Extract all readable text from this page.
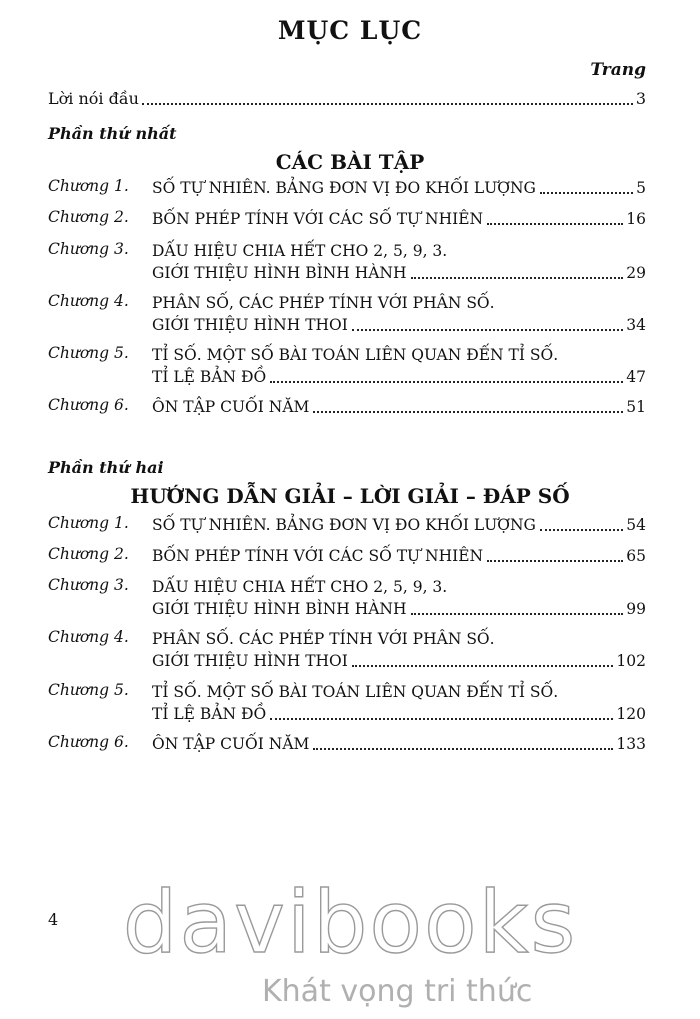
MỤC LỤC
Trang
Lời nói đầu	3
Phần thứ nhất
CÁC BÀI TẬP
Chương 1. SỐ TỰ NHIÊN. BẢNG ĐƠN VỊ ĐO KHỐI LƯỢNG	5
Chương 2. BỐN PHÉP TÍNH VỚI CÁC SỐ TỰ NHIÊN	16
Chương 3. DẤU HIỆU CHIA HẾT CHO 2, 5, 9, 3.
GIỚI THIỆU HÌNH BÌNH HÀNH	29
Chương 4. PHÂN SỐ, CÁC PHÉP TÍNH VỚI PHÂN SỐ.
GIỚI THIỆU HÌNH THOI	34
Chương 5. TỈ SỐ. MỘT SỐ BÀI TOÁN LIÊN QUAN ĐẾN TỈ SỐ.
TỈ LỆ BẢN ĐỒ	47
Chương 6. ÔN TẬP CUỐI NĂM	51
Phần thứ hai
HƯỚNG DẪN GIẢI – LỜI GIẢI – ĐÁP SỐ
Chương 1. SỐ TỰ NHIÊN. BẢNG ĐƠN VỊ ĐO KHỐI LƯỢNG	54
Chương 2. BỐN PHÉP TÍNH VỚI CÁC SỐ TỰ NHIÊN	65
Chương 3. DẤU HIỆU CHIA HẾT CHO 2, 5, 9, 3.
GIỚI THIỆU HÌNH BÌNH HÀNH	99
Chương 4. PHÂN SỐ. CÁC PHÉP TÍNH VỚI PHÂN SỐ.
GIỚI THIỆU HÌNH THOI	102
Chương 5. TỈ SỐ. MỘT SỐ BÀI TOÁN LIÊN QUAN ĐẾN TỈ SỐ.
TỈ LỆ BẢN ĐỒ	120
Chương 6. ÔN TẬP CUỐI NĂM	133
4 davibooks
Khát vọng tri thức
